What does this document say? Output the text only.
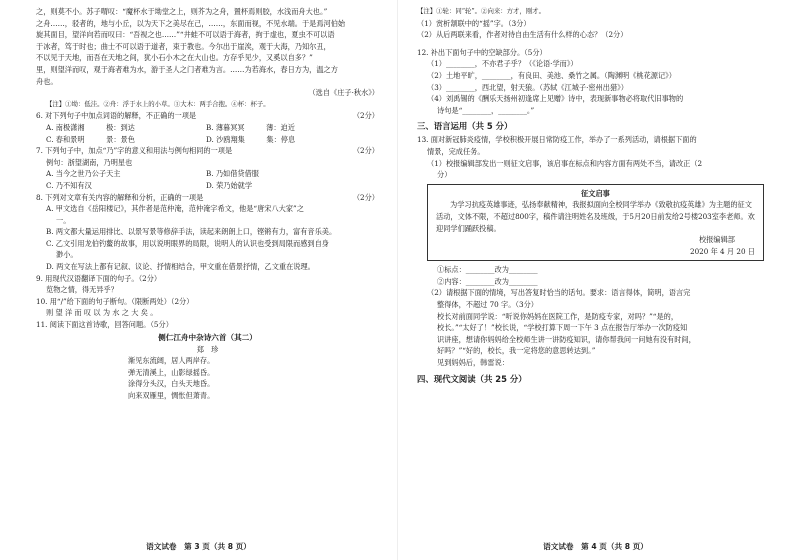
之，则莫不小。苏子喟叹：“魔杯水于坳堂之上，则芥为之舟，置杯焉则胶，水浅而舟大也。”
之舟……，驳者的，地与小丘，以为天下之美尽在己，……，东面而视，不见水端。于是焉河伯始
旋其面目，望洋向若而叹曰：“吾视之也……”“井蛙不可以语于海者，拘于虚也，夏虫不可以语
于冰者，笃于时也；曲士不可以语于道者，束于教也。今尔出于崖涘，观于大海，乃知尔丑，
不以见于天地，而吾在天地之间，犹小石小木之在大山也。方存乎见少，又奚以自多？”
里，则望洋而叹，观于海者难为水，游于圣人之门者难为言。……为若海水，春日方为，温之方
舟也。
（选自《庄子·秋水》）
【注】①坳：低洼。②舟：浮于水上的小草。③大木：两手合抱。④杯：杯子。
6. 对下列句子中加点词语的解释，不正确的一项是	（2分）
A. 南极潇湘　　　极：到达	B. 薄暮冥冥　　　薄：迫近
C. 春和景明　　　景：景色	D. 沙鸥翔集　　　集：停息
7. 下列句子中，加点“乃”字的意义和用法与例句相同的一项是	（2分）
例句：浙望湖南，乃明星也
A. 当今之世乃公子天主	B. 乃如借贷借服
C. 乃不知有汉	D. 荣乃始就学
8. 下列对文章有关内容的解释和分析，正确的一项是	（2分）
A. 甲文选自《岳阳楼记》，其作者是范仲淹，范仲淹字希文，他是“唐宋八大家”之
一。
B. 两文都大量运用排比、以景写景等修辞手法，读起来朗朗上口，铿锵有力，富有音乐美。
C. 乙文引用龙伯钓鳌的故事，用以说明眼界的局限，说明人的认识也受到局限而感到自身
渺小。
D. 两文在写法上都有记叙、议论、抒情相结合，甲文重在借景抒情，乙文重在说理。
9. 用现代汉语翻译下面的句子。（2分）
览物之情，得无异乎？
10. 用“/”给下面的句子断句。（限断两处）（2分）
则 望 洋 而 叹 以 为 水 之 大 矣 。
11. 阅读下面这首诗歌，回答问题。（5分）
侧仁江舟中杂诗六首（其二）
郑　珍
渐见东流阔，居人两岸存。
弹无清溪上，山影绿摇昏。
涂得分头汉，白头天地昏。
向来双雁里，惆怅但萧青。
语文试卷　第 3 页（共 8 页）
【注】①轮：同“轮”。②向来：方才，刚才。
（1）赏析颔联中的“摇”字。（3分）
（2）从后两联来看，作者对待自由生活有什么样的心态？（2分）
12. 补出下面句子中的空缺部分。（5分）
（1）________，不亦君子乎？（《论语·学而》）
（2）土地平旷，________，有良田、美池、桑竹之属。（陶渊明《桃花源记》）
（3）________，西北望，射天狼。（苏轼《江城子·密州出猎》）
（4）刘禹锡的《酬乐天扬州初逢席上见赠》诗中，表现新事物必将取代旧事物的
诗句是“________，________。”
三、语言运用（共 5 分）
13. 面对新冠肺炎疫情，学校积极开展日常防疫工作，举办了一系列活动，请根据下面的
情景，完成任务。
（1）校报编辑部发出一则征文启事，该启事在标点和内容方面有两处不当，请改正（2
分）
征文启事
为学习抗疫英雄事迹，弘扬奉献精神，我报拟面向全校同学举办《致敬抗疫英雄》为主题的征文活动，文体不限，不超过800字，稿件请注明姓名及班级，于5月20日前发给2号楼203室李老师。欢迎同学们踊跃投稿。
校报编辑部
2020 年 4 月 20 日
①标点：________改为________
②内容：________改为________
（2）请根据下面的情境，写出答复时恰当的话句。要求：语言得体，简明，语言完
整得体，不超过 70 字。（3分）
校长对前面同学说：“听说你妈妈在医院工作，是防疫专家，对吗？”“是的，
校长。”“太好了！”校长说，“学校打算下周一下午 3 点在报告厅举办一次防疫知
识讲座，想请你妈妈给全校师生讲一讲防疫知识，请你帮我问一问她有没有时间，
好吗？”“好的，校长，我一定将您的意思转达到。”
见到妈妈后，韩雷说：
四、现代文阅读（共 25 分）
语文试卷　第 4 页（共 8 页）
